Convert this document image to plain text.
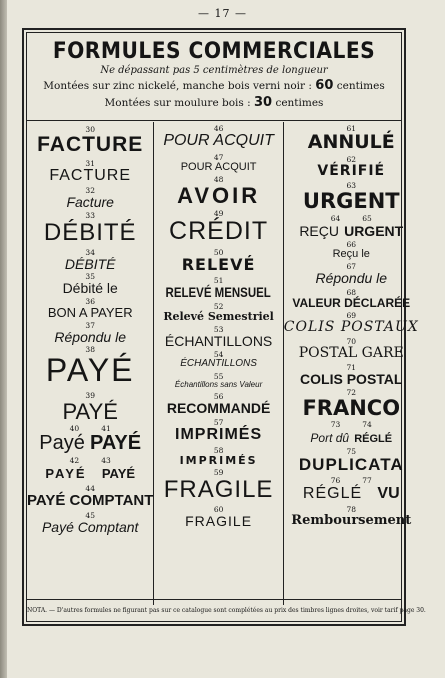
— 17 —
FORMULES COMMERCIALES
Ne dépassant pas 5 centimètres de longueur
Montées sur zinc nickelé, manche bois verni noir : 60 centimes
Montées sur moulure bois : 30 centimes
30
FACTURE
31
FACTURE
32
Facture
33
DÉBITÉ
34
DÉBITÉ
35
Débité le
36
BON A PAYER
37
Répondu le
38
PAYÉ
39
PAYÉ
40	41
Payé PAYÉ
42	43
PAYÉ PAYÉ
44
PAYÉ COMPTANT
45
Payé Comptant
46
POUR ACQUIT
47
POUR ACQUIT
48
AVOIR
49
CRÉDIT
50
RELEVÉ
51
RELEVÉ MENSUEL
52
Relevé Semestriel
53
ÉCHANTILLONS
54
ÉCHANTILLONS
55
Échantillons sans Valeur
56
RECOMMANDÉ
57
IMPRIMÉS
58
IMPRIMÉS
59
FRAGILE
60
FRAGILE
61
ANNULÉ
62
VÉRIFIÉ
63
URGENT
64	65
REÇU URGENT
66
Reçu le
67
Répondu le
68
VALEUR DÉCLARÉE
69
COLIS POSTAUX
70
POSTAL GARE
71
COLIS POSTAL
72
FRANCO
73	74
Port dû RÉGLÉ
75
DUPLICATA
76	77
RÉGLÉ VU
78
Remboursement
NOTA. — D'autres formules ne figurant pas sur ce catalogue sont complétées au prix des timbres lignes droites, voir tarif page 30.
